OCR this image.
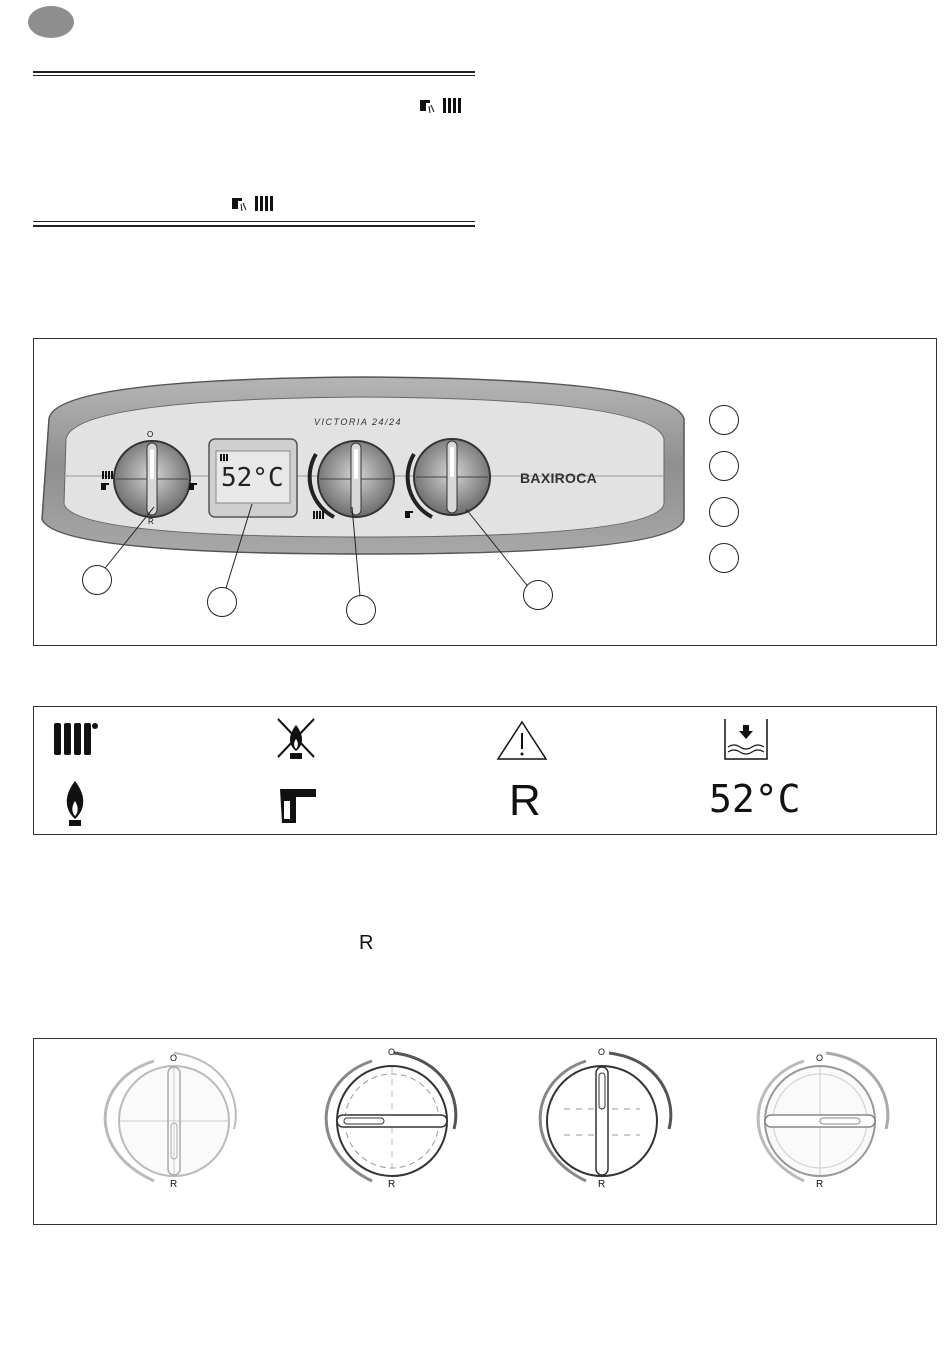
VICTORIA 24/24
BAXIROCA
52°C
O
R
R	52°C
R
O
R
O
R
O
R
O
R
